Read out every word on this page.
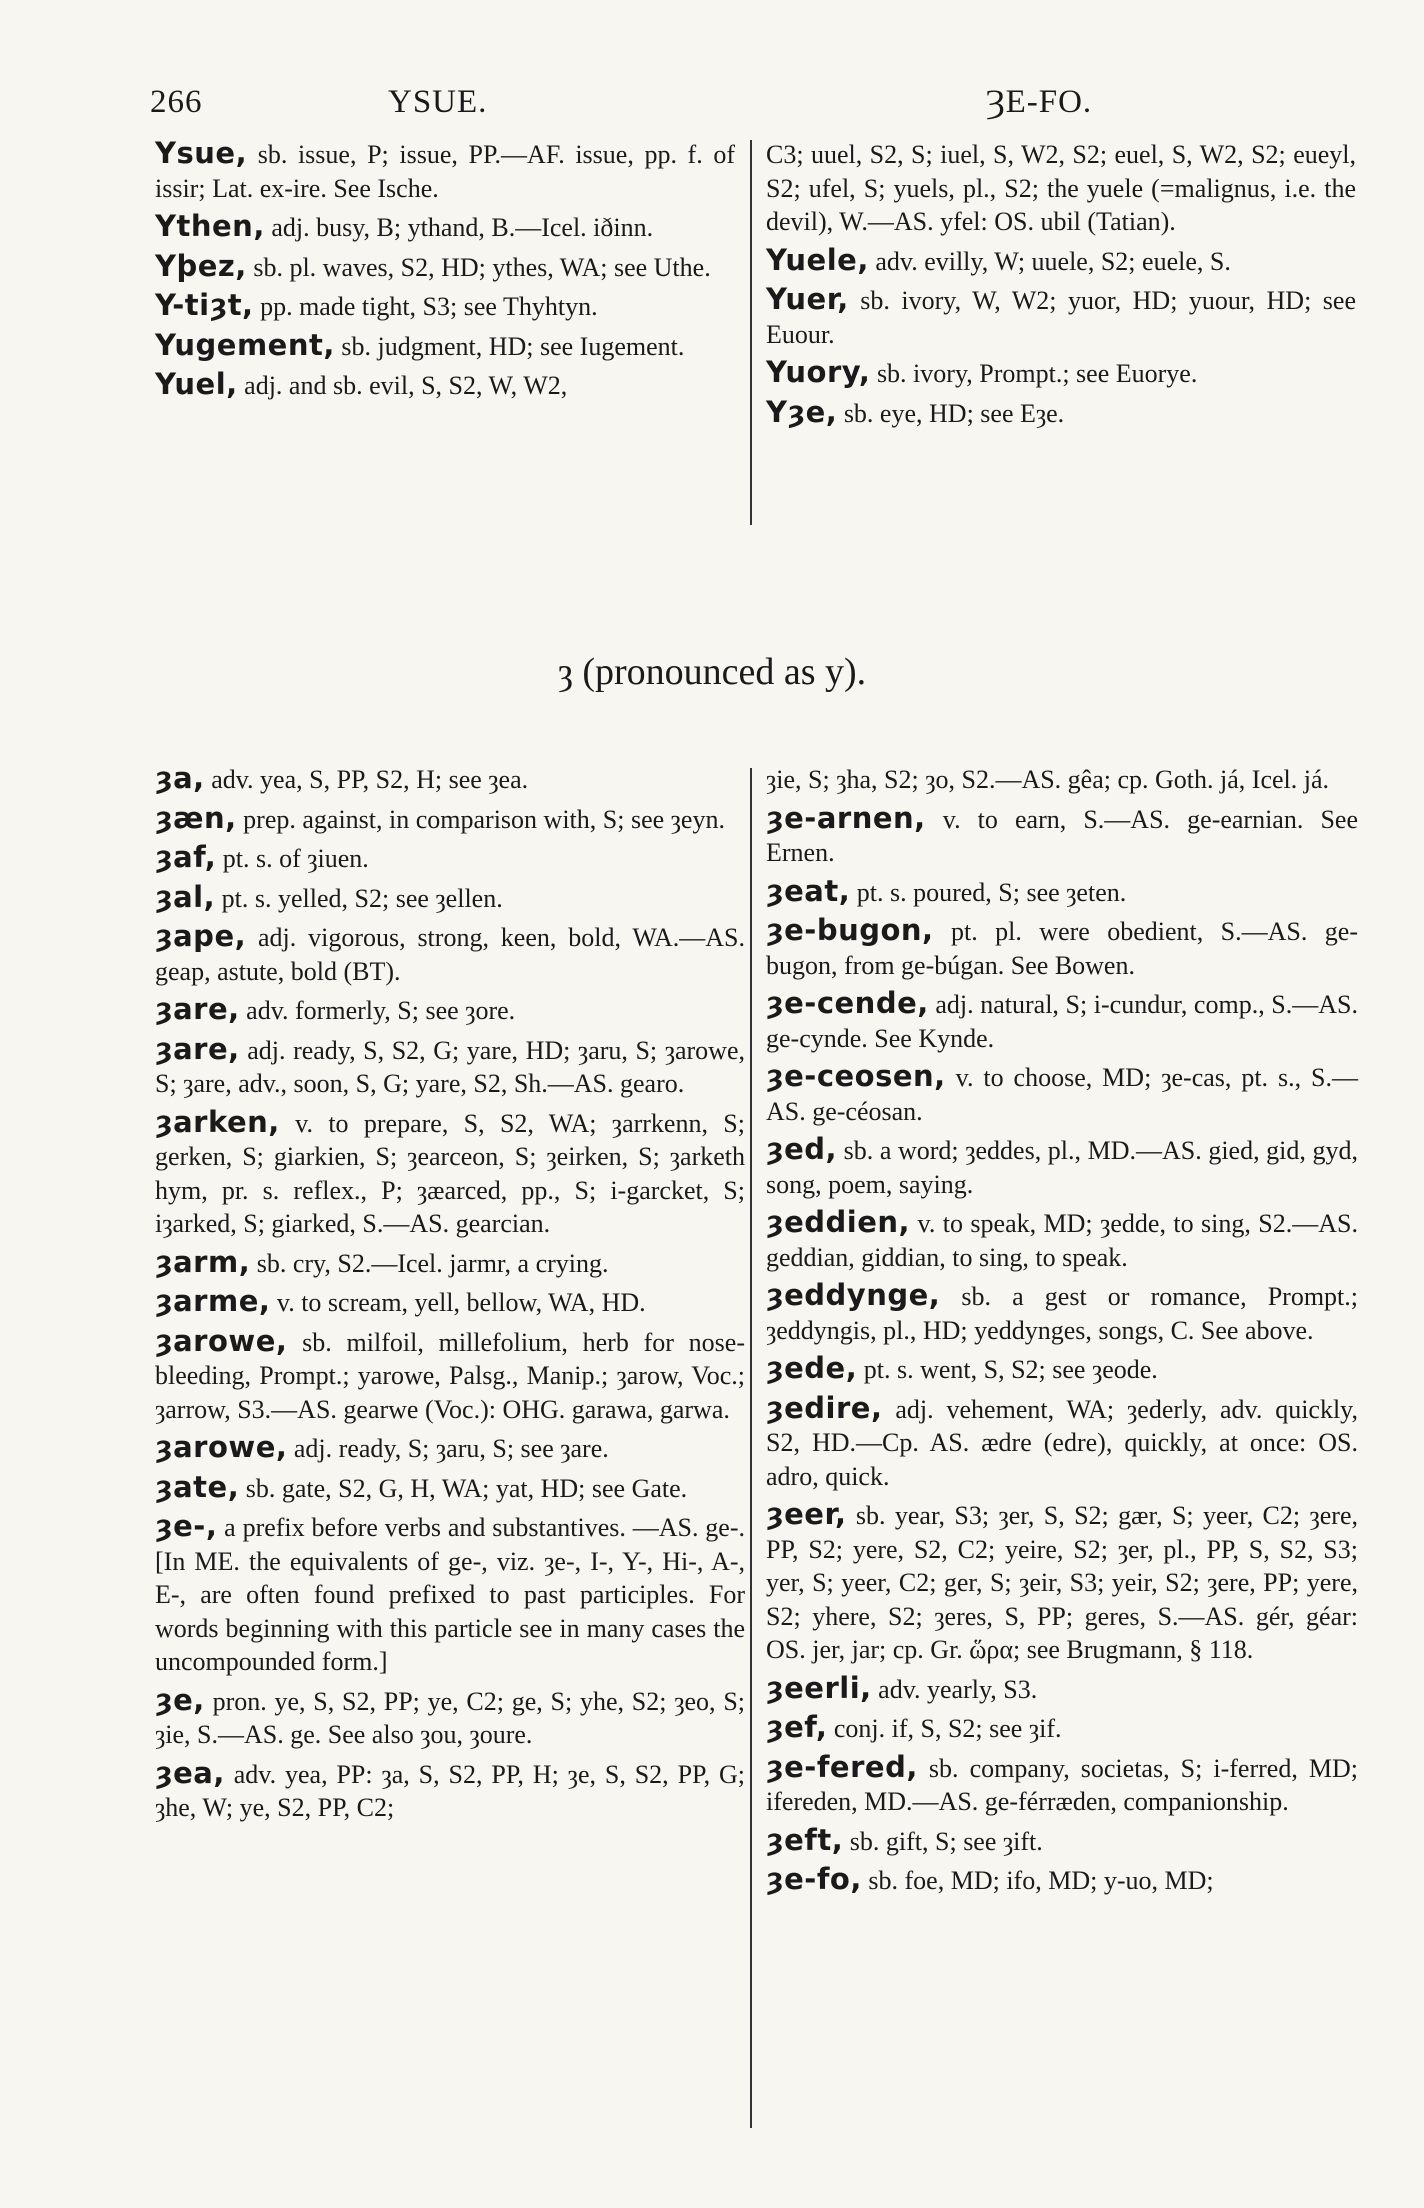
266	YSUE.	ȜE-FO.
ȝ (pronounced as y).

Ysue, sb. issue, P; issue, PP.—AF. issue, pp. f. of issir; Lat. ex-ire. See Ische.

Ythen, adj. busy, B; ythand, B.—Icel. iðinn.

Yþez, sb. pl. waves, S2, HD; ythes, WA; see Uthe.

Y-tiȝt, pp. made tight, S3; see Thyhtyn.

Yugement, sb. judgment, HD; see Iugement.

Yuel, adj. and sb. evil, S, S2, W, W2,

C3; uuel, S2, S; iuel, S, W2, S2; euel, S, W2, S2; eueyl, S2; ufel, S; yuels, pl., S2; the yuele (=malignus, i.e. the devil), W.—AS. yfel: OS. ubil (Tatian).

Yuele, adv. evilly, W; uuele, S2; euele, S.

Yuer, sb. ivory, W, W2; yuor, HD; yuour, HD; see Euour.

Yuory, sb. ivory, Prompt.; see Euorye.

Yȝe, sb. eye, HD; see Eȝe.

ȝa, adv. yea, S, PP, S2, H; see ȝea.

ȝæn, prep. against, in comparison with, S; see ȝeyn.

ȝaf, pt. s. of ȝiuen.

ȝal, pt. s. yelled, S2; see ȝellen.

ȝape, adj. vigorous, strong, keen, bold, WA.—AS. geap, astute, bold (BT).

ȝare, adv. formerly, S; see ȝore.

ȝare, adj. ready, S, S2, G; yare, HD; ȝaru, S; ȝarowe, S; ȝare, adv., soon, S, G; yare, S2, Sh.—AS. gearo.

ȝarken, v. to prepare, S, S2, WA; ȝarrkenn, S; gerken, S; giarkien, S; ȝearceon, S; ȝeirken, S; ȝarketh hym, pr. s. reflex., P; ȝæarced, pp., S; i-garcket, S; iȝarked, S; giarked, S.—AS. gearcian.

ȝarm, sb. cry, S2.—Icel. jarmr, a crying.

ȝarme, v. to scream, yell, bellow, WA, HD.

ȝarowe, sb. milfoil, millefolium, herb for nose-bleeding, Prompt.; yarowe, Palsg., Manip.; ȝarow, Voc.; ȝarrow, S3.—AS. gearwe (Voc.): OHG. garawa, garwa.

ȝarowe, adj. ready, S; ȝaru, S; see ȝare.

ȝate, sb. gate, S2, G, H, WA; yat, HD; see Gate.

ȝe-, a prefix before verbs and substantives. —AS. ge-. [In ME. the equivalents of ge-, viz. ȝe-, I-, Y-, Hi-, A-, E-, are often found prefixed to past participles. For words beginning with this particle see in many cases the uncompounded form.]

ȝe, pron. ye, S, S2, PP; ye, C2; ge, S; yhe, S2; ȝeo, S; ȝie, S.—AS. ge. See also ȝou, ȝoure.

ȝea, adv. yea, PP: ȝa, S, S2, PP, H; ȝe, S, S2, PP, G; ȝhe, W; ye, S2, PP, C2;

ȝie, S; ȝha, S2; ȝo, S2.—AS. gêa; cp. Goth. já, Icel. já.

ȝe-arnen, v. to earn, S.—AS. ge-earnian. See Ernen.

ȝeat, pt. s. poured, S; see ȝeten.

ȝe-bugon, pt. pl. were obedient, S.—AS. ge-bugon, from ge-búgan. See Bowen.

ȝe-cende, adj. natural, S; i-cundur, comp., S.—AS. ge-cynde. See Kynde.

ȝe-ceosen, v. to choose, MD; ȝe-cas, pt. s., S.—AS. ge-céosan.

ȝed, sb. a word; ȝeddes, pl., MD.—AS. gied, gid, gyd, song, poem, saying.

ȝeddien, v. to speak, MD; ȝedde, to sing, S2.—AS. geddian, giddian, to sing, to speak.

ȝeddynge, sb. a gest or romance, Prompt.; ȝeddyngis, pl., HD; yeddynges, songs, C. See above.

ȝede, pt. s. went, S, S2; see ȝeode.

ȝedire, adj. vehement, WA; ȝederly, adv. quickly, S2, HD.—Cp. AS. ædre (edre), quickly, at once: OS. adro, quick.

ȝeer, sb. year, S3; ȝer, S, S2; gær, S; yeer, C2; ȝere, PP, S2; yere, S2, C2; yeire, S2; ȝer, pl., PP, S, S2, S3; yer, S; yeer, C2; ger, S; ȝeir, S3; yeir, S2; ȝere, PP; yere, S2; yhere, S2; ȝeres, S, PP; geres, S.—AS. gér, géar: OS. jer, jar; cp. Gr. ὥρα; see Brugmann, § 118.

ȝeerli, adv. yearly, S3.

ȝef, conj. if, S, S2; see ȝif.

ȝe-fered, sb. company, societas, S; i-ferred, MD; ifereden, MD.—AS. ge-férræden, companionship.

ȝeft, sb. gift, S; see ȝift.

ȝe-fo, sb. foe, MD; ifo, MD; y-uo, MD;
